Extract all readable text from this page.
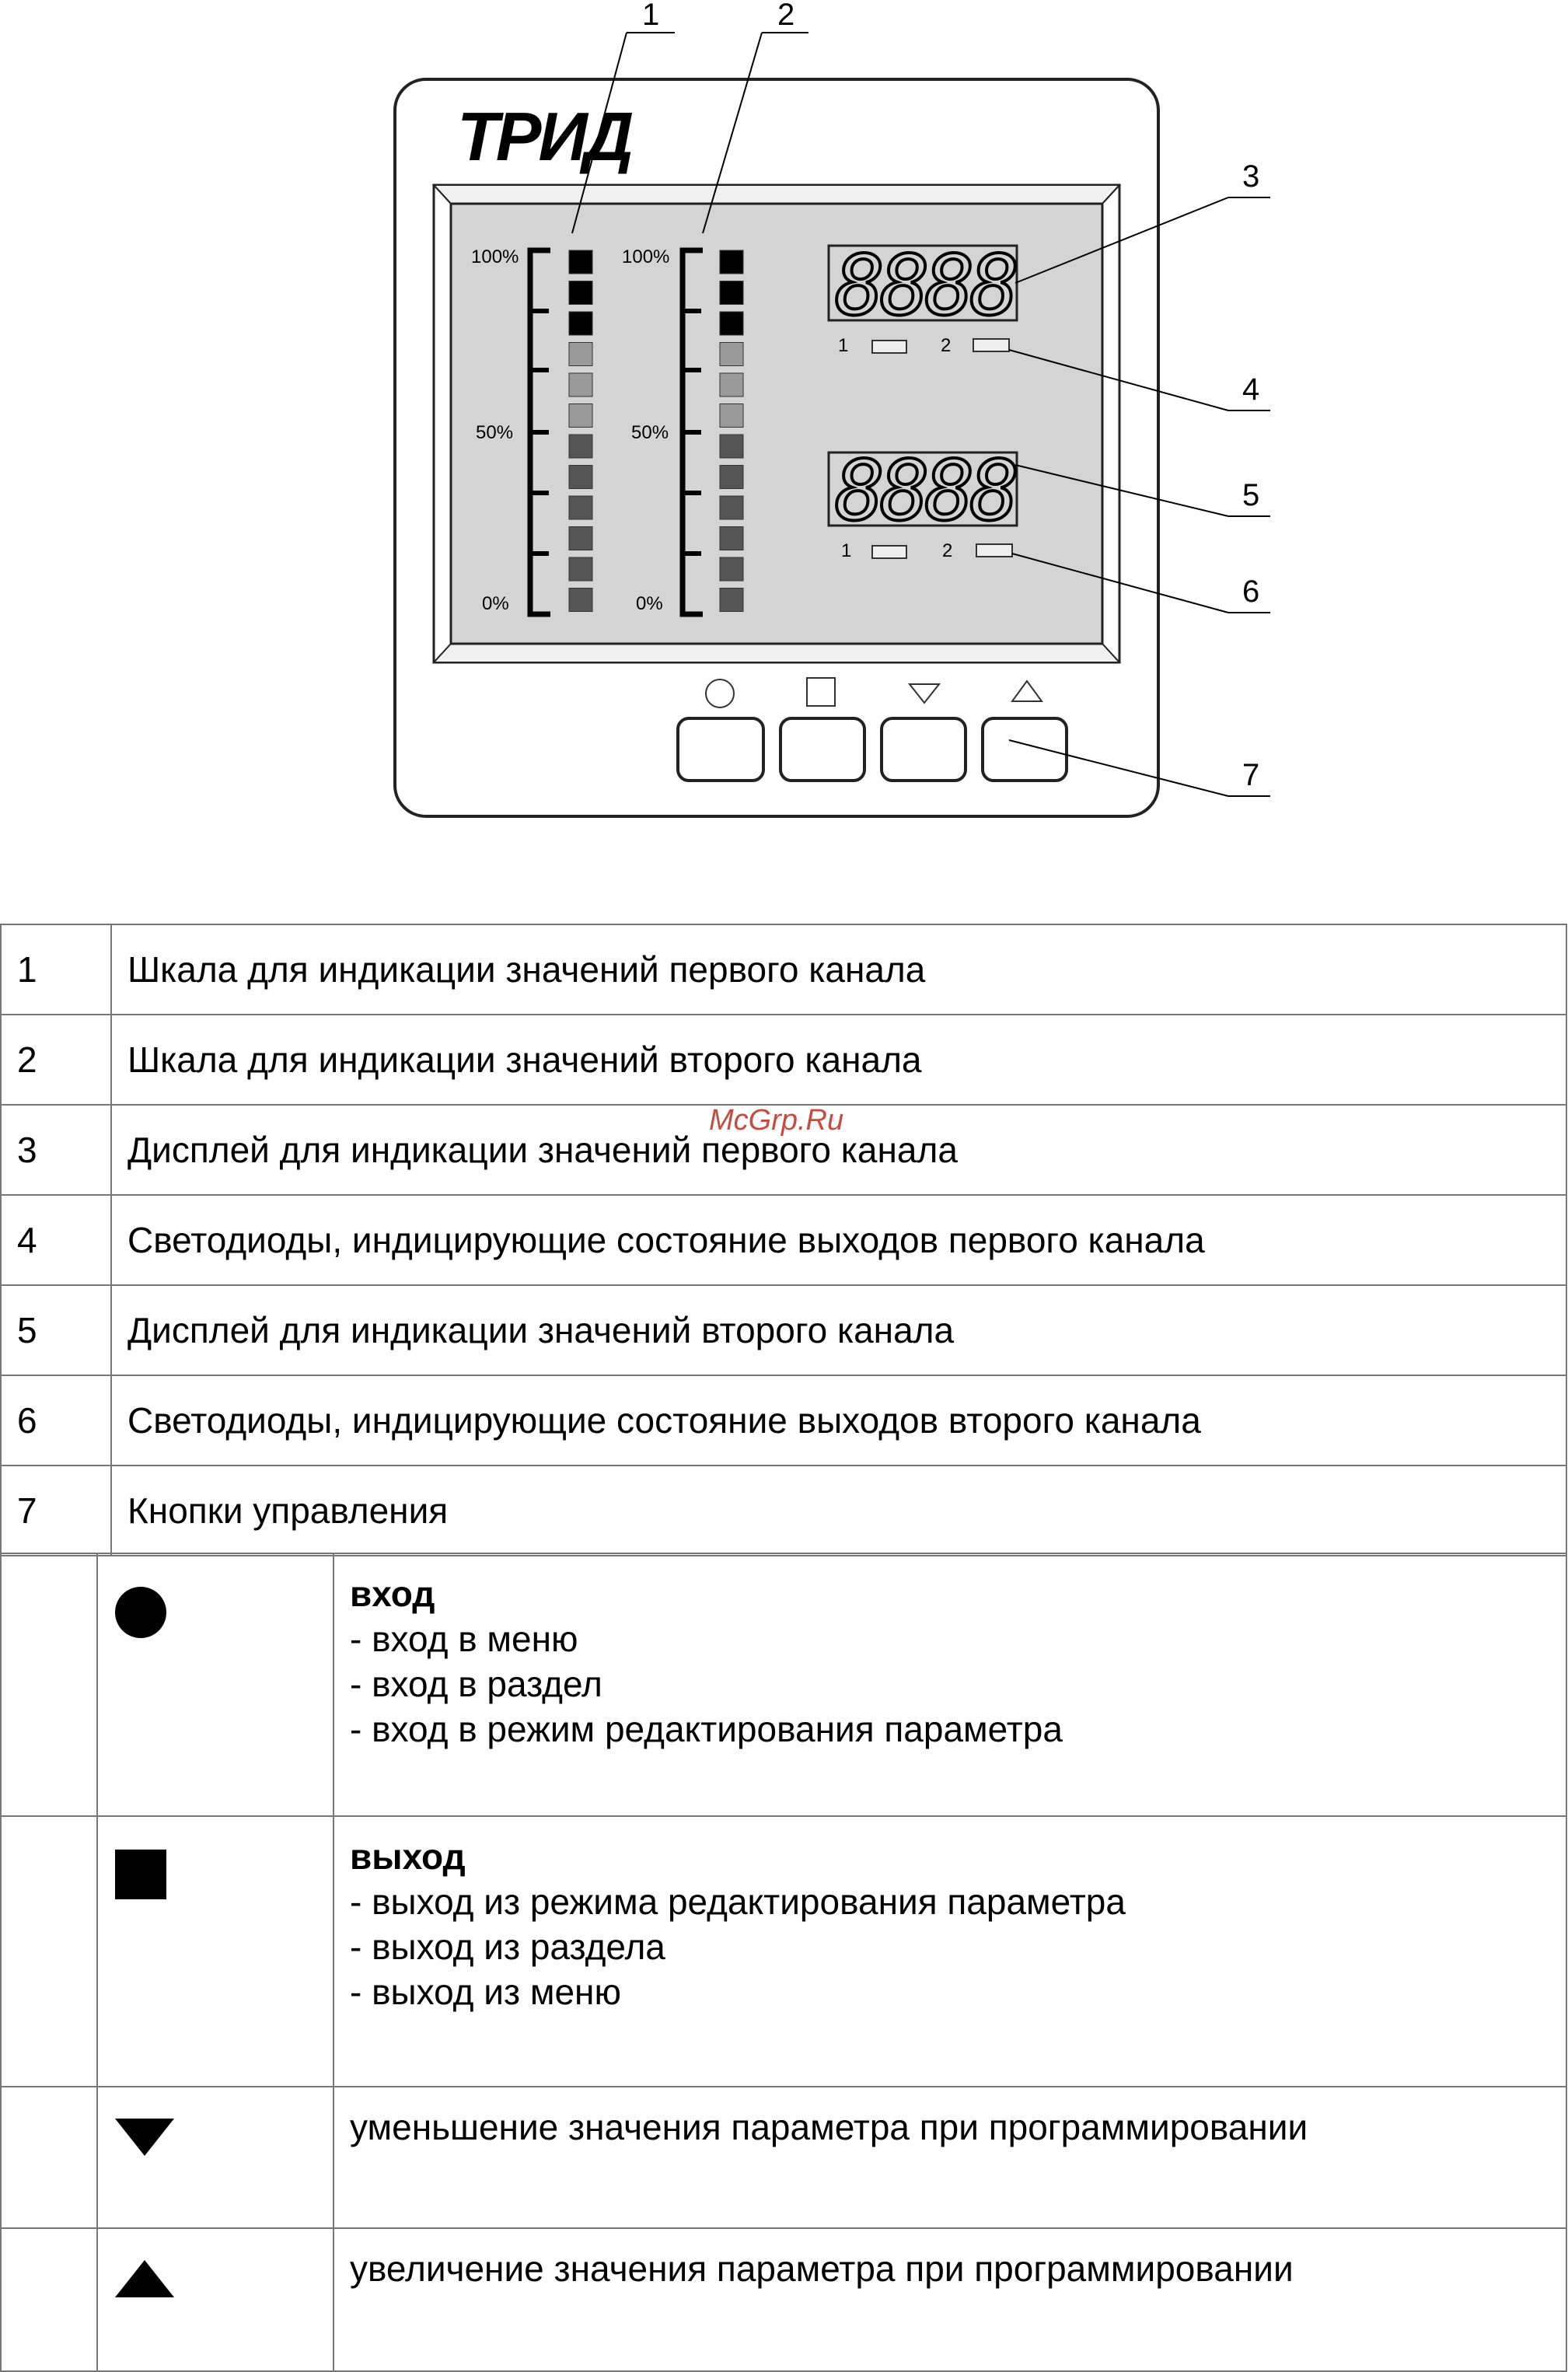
ТРИД
100%
50%
0%
100%
50%
0%
8888
1	2
8888
1	2
1	2
3
4
5
6
7
1	Шкала для индикации значений первого канала
2	Шкала для индикации значений второго канала
3	Дисплей для индикации значений первого канала
4	Светодиоды, индицирующие состояние выходов первого канала
5	Дисплей для индикации значений второго канала
6	Светодиоды, индицирующие состояние выходов второго канала
7	Кнопки управления

вход
- вход в меню
- вход в раздел
- вход в режим редактирования параметра

выход
- выход из режима редактирования параметра
- выход из раздела
- выход из меню

уменьшение значения параметра при программировании

увеличение значения параметра при программировании
McGrp.Ru
